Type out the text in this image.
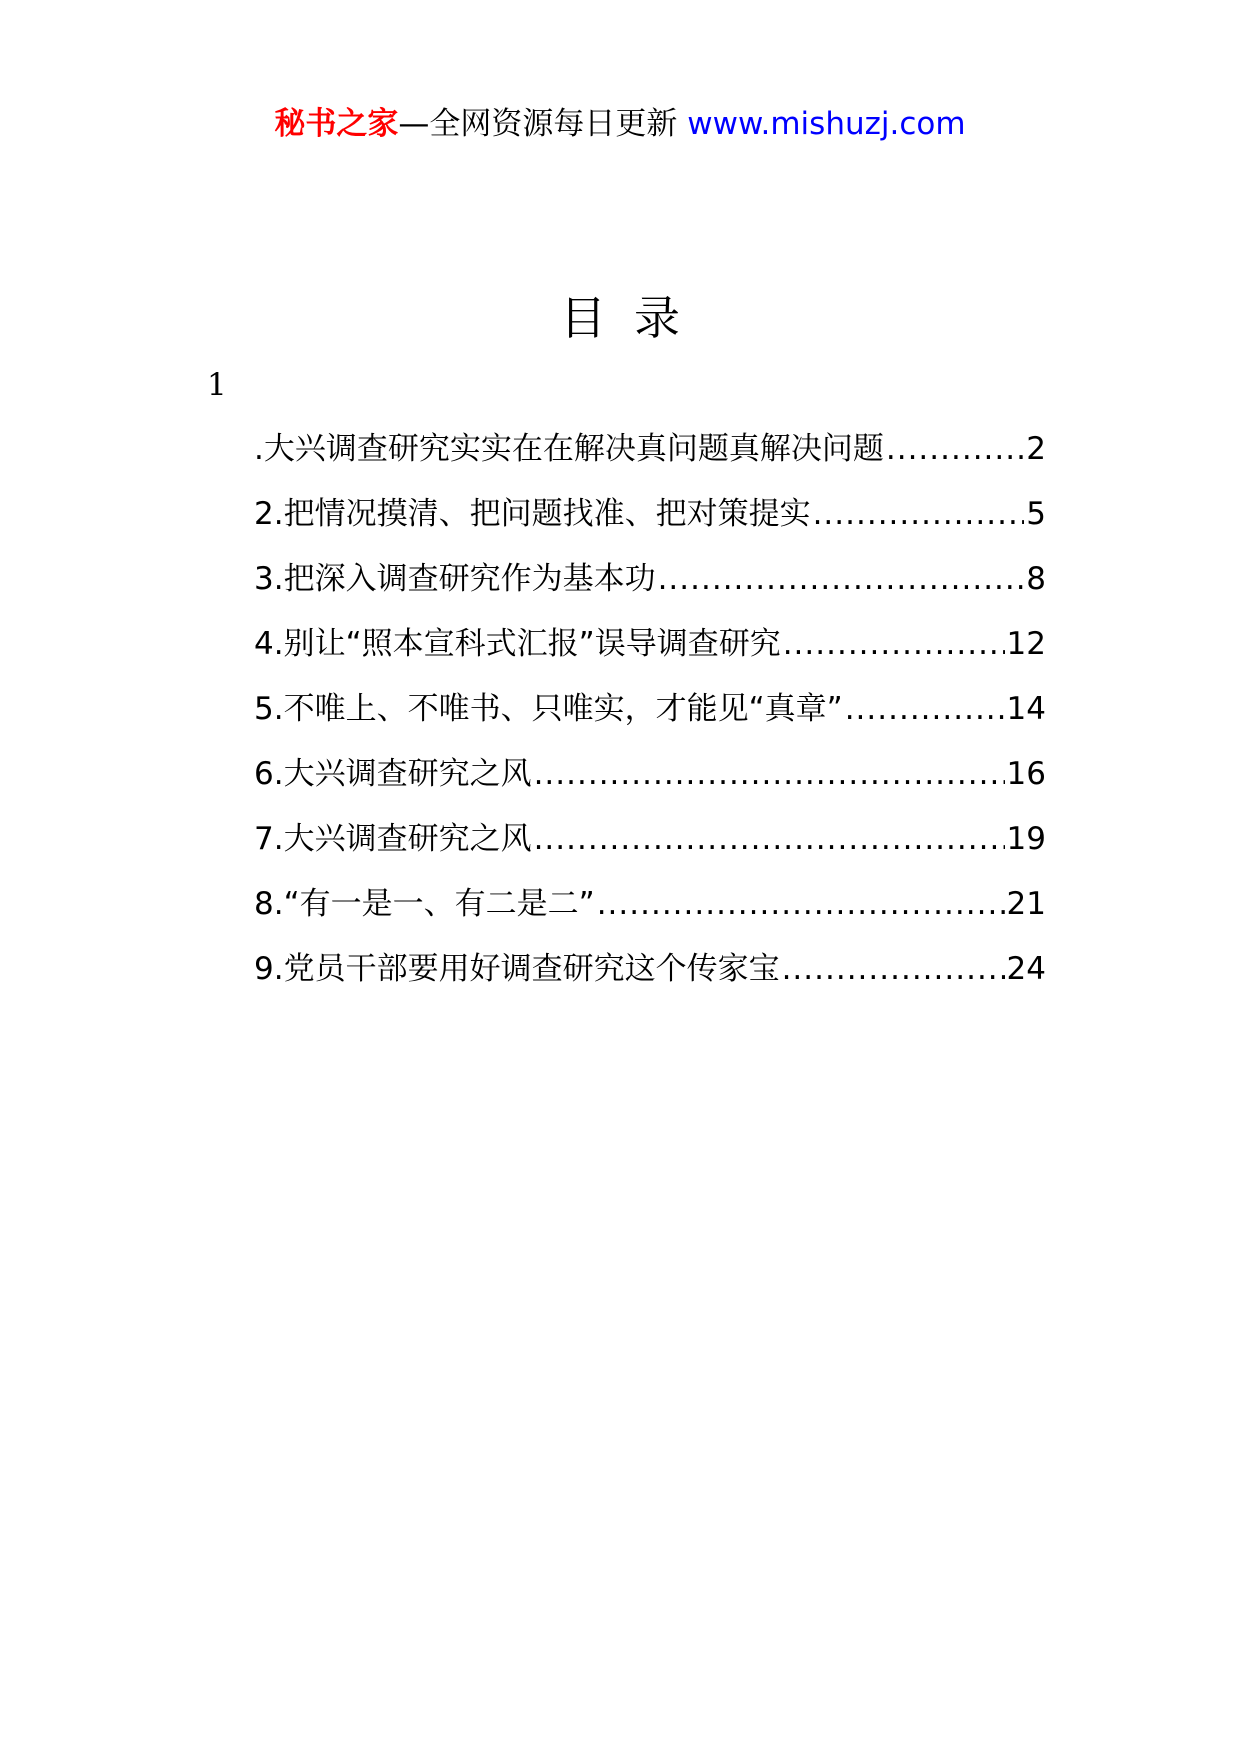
秘书之家—全网资源每日更新 www.mishuzj.com
目录
1
.大兴调查研究实实在在解决真问题真解决问题 .....	2
2.把情况摸清、把问题找准、把对策提实 .....	5
3.把深入调查研究作为基本功 .....	8
4.别让“照本宣科式汇报”误导调查研究 .....	12
5.不唯上、不唯书、只唯实，才能见“真章” .....	14
6.大兴调查研究之风 .....	16
7.大兴调查研究之风 .....	19
8.“有一是一、有二是二” .....	21
9.党员干部要用好调查研究这个传家宝 .....	24
